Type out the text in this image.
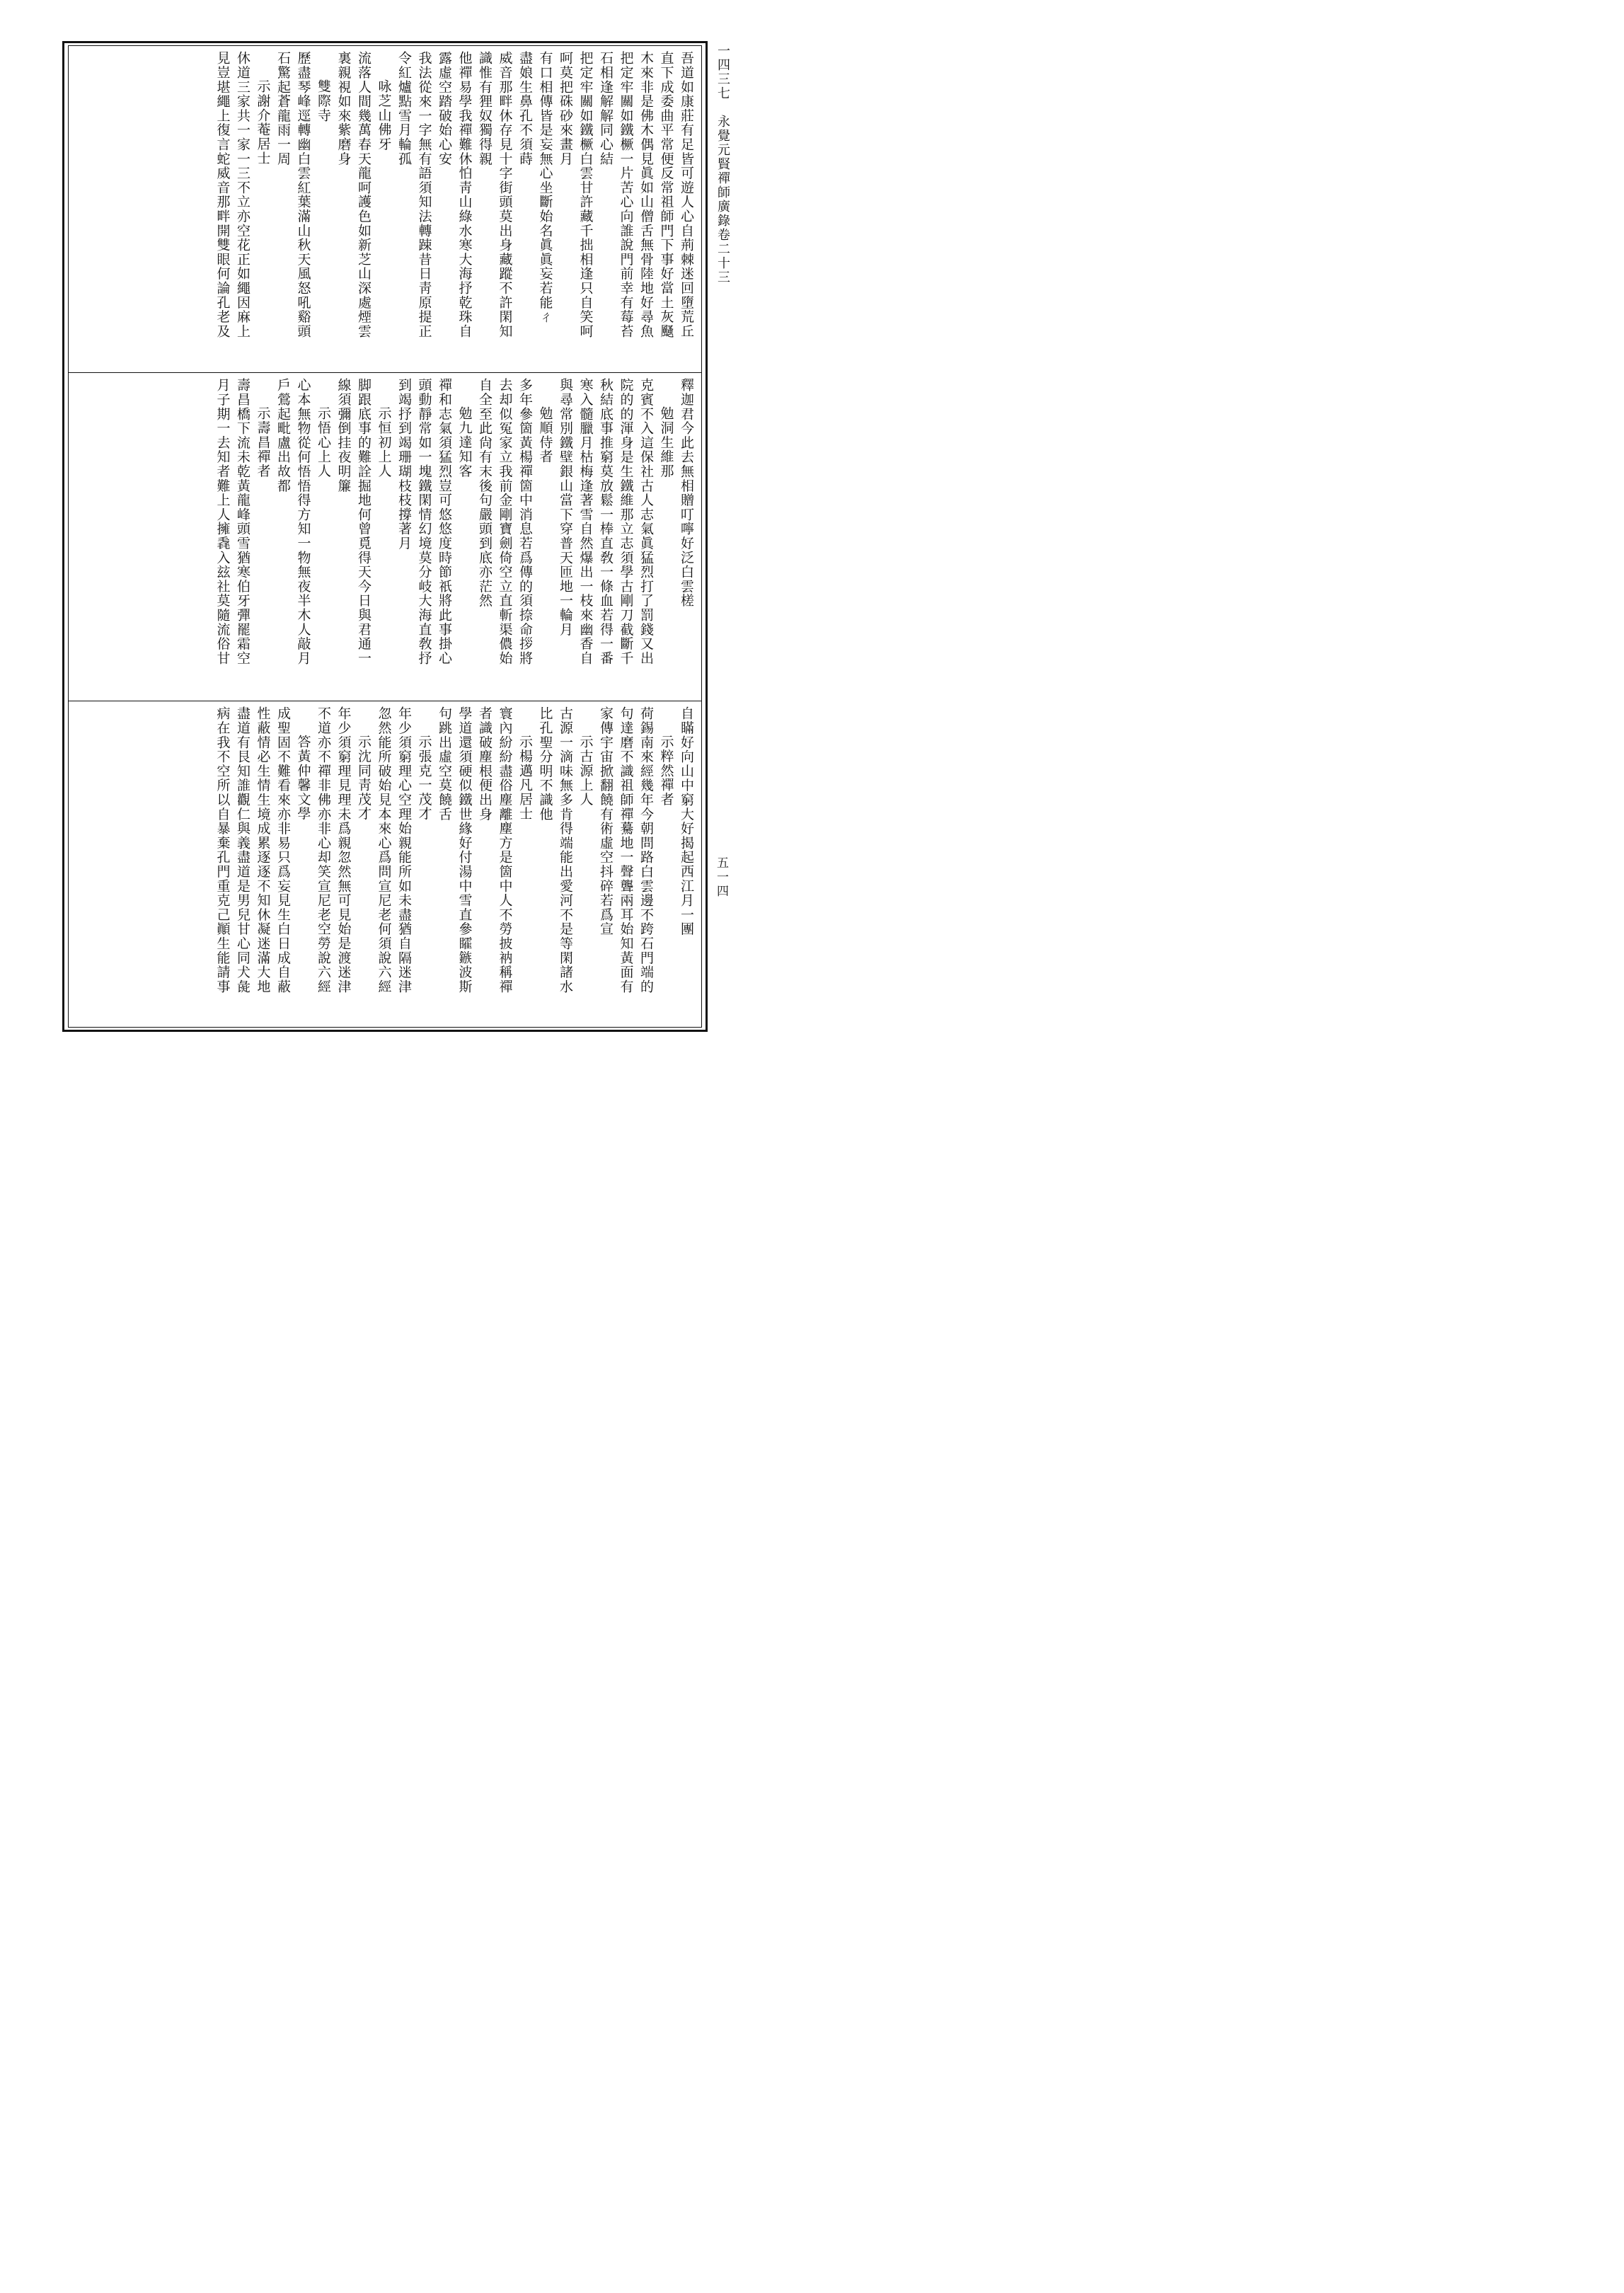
一四三七　永覺元賢禪師廣錄卷二十三
五一四
吾道如康莊有足皆可遊人心自荊棘迷回墮荒丘
直下成委曲平常便反常祖師門下事好當土灰颾
木來非是佛木偶見眞如山僧舌無骨陸地好尋魚
把定牢關如鐵橛一片苦心向誰說門前幸有莓苔
石相逢解解同心結
把定牢關如鐵橛白雲甘許藏千拙相逢只自笑呵
呵莫把硃砂來畫月
有口相傳皆是妄無心坐斷始名眞眞妄若能ㄔ
盡娘生鼻孔不須蒔
威音那畔休存見十字街頭莫出身藏蹤不許閑知
識惟有狸奴獨得親
他禪易學我禪難休怕靑山綠水寒大海抒乾珠自
露虛空踏破始心安
我法從來一字無有語須知法轉踈昔日靑原提正
令紅爐點雪月輪孤
咏芝山佛牙
流落人間幾萬春天龍呵護色如新芝山深處煙雲
裏親視如來紫磨身
雙際寺
歷盡琴峰逕轉幽白雲紅葉滿山秋天風怒吼谿頭
石驚起蒼龍雨一周
示謝介菴居士
休道三家共一家一三不立亦空花正如繩因麻上
見豈堪繩上復言蛇威音那畔開雙眼何論孔老及
釋迦君今此去無相贈叮嚀好泛白雲槎
勉洞生維那
克賓不入這保社古人志氣眞猛烈打了罰錢又出
院的的渾身是生鐵維那立志須學古剛刀截斷千
秋結底事推窮莫放鬆一棒直敎一條血若得一番
寒入髓臘月枯梅逢著雪自然爆出一枝來幽香自
與尋常別鐵壁銀山當下穿普天匝地一輪月
勉順侍者
多年參箇黃楊禪箇中消息若爲傳的須捺命拶將
去却似冤家立我前金剛寶劍倚空立直斬渠儂始
自全至此尙有末後句嚴頭到底亦茫然
勉九達知客
禪和志氣須猛烈豈可悠悠度時節祇將此事掛心
頭動靜常如一塊鐵閑情幻境莫分岐大海直敎抒
到竭抒到竭珊瑚枝枝撐著月
示恒初上人
脚跟底事的難詮掘地何曾覓得天今日與君通一
線須彌倒挂夜明簾
示悟心上人
心本無物從何悟悟得方知一物無夜半木人敲月
戶鶯起毗盧出故都
示壽昌禪者
壽昌橋下流未乾黃龍峰頭雪猶寒伯牙彈罷霜空
月子期一去知者難上人擁毳入玆社莫隨流俗甘
自瞞好向山中窮大好揭起西江月一團
示粹然禪者
荷錫南來經幾年今朝問路白雲邊不跨石門端的
句達磨不識祖師禪驀地一聲聾兩耳始知黃面有
家傳宇宙掀翻饒有術虛空抖碎若爲宣
示古源上人
古源一滴味無多肯得端能出愛河不是等閑諸水
比孔聖分明不識他
示楊邁凡居士
寰內紛紛盡俗塵離塵方是箇中人不勞披衲稱禪
者識破塵根便出身
學道還須硬似鐵世緣好付湯中雪直參矐鏃波斯
句跳出虛空莫饒舌
示張克一茂才
年少須窮理心空理始親能所如未盡猶自隔迷津
忽然能所破始見本來心爲問宣尼老何須說六經
示沈同靑茂才
年少須窮理見理未爲親忽然無可見始是渡迷津
不道亦不禪非佛亦非心却笑宣尼老空勞說六經
答黃仲馨文學
成聖固不難看來亦非易只爲妄見生白日成自蔽
性蔽情必生情生境成累逐逐不知休凝迷滿大地
盡道有艮知誰觀仁與義盡道是男兒甘心同犬彘
病在我不空所以自暴棄孔門重克己顚生能請事
